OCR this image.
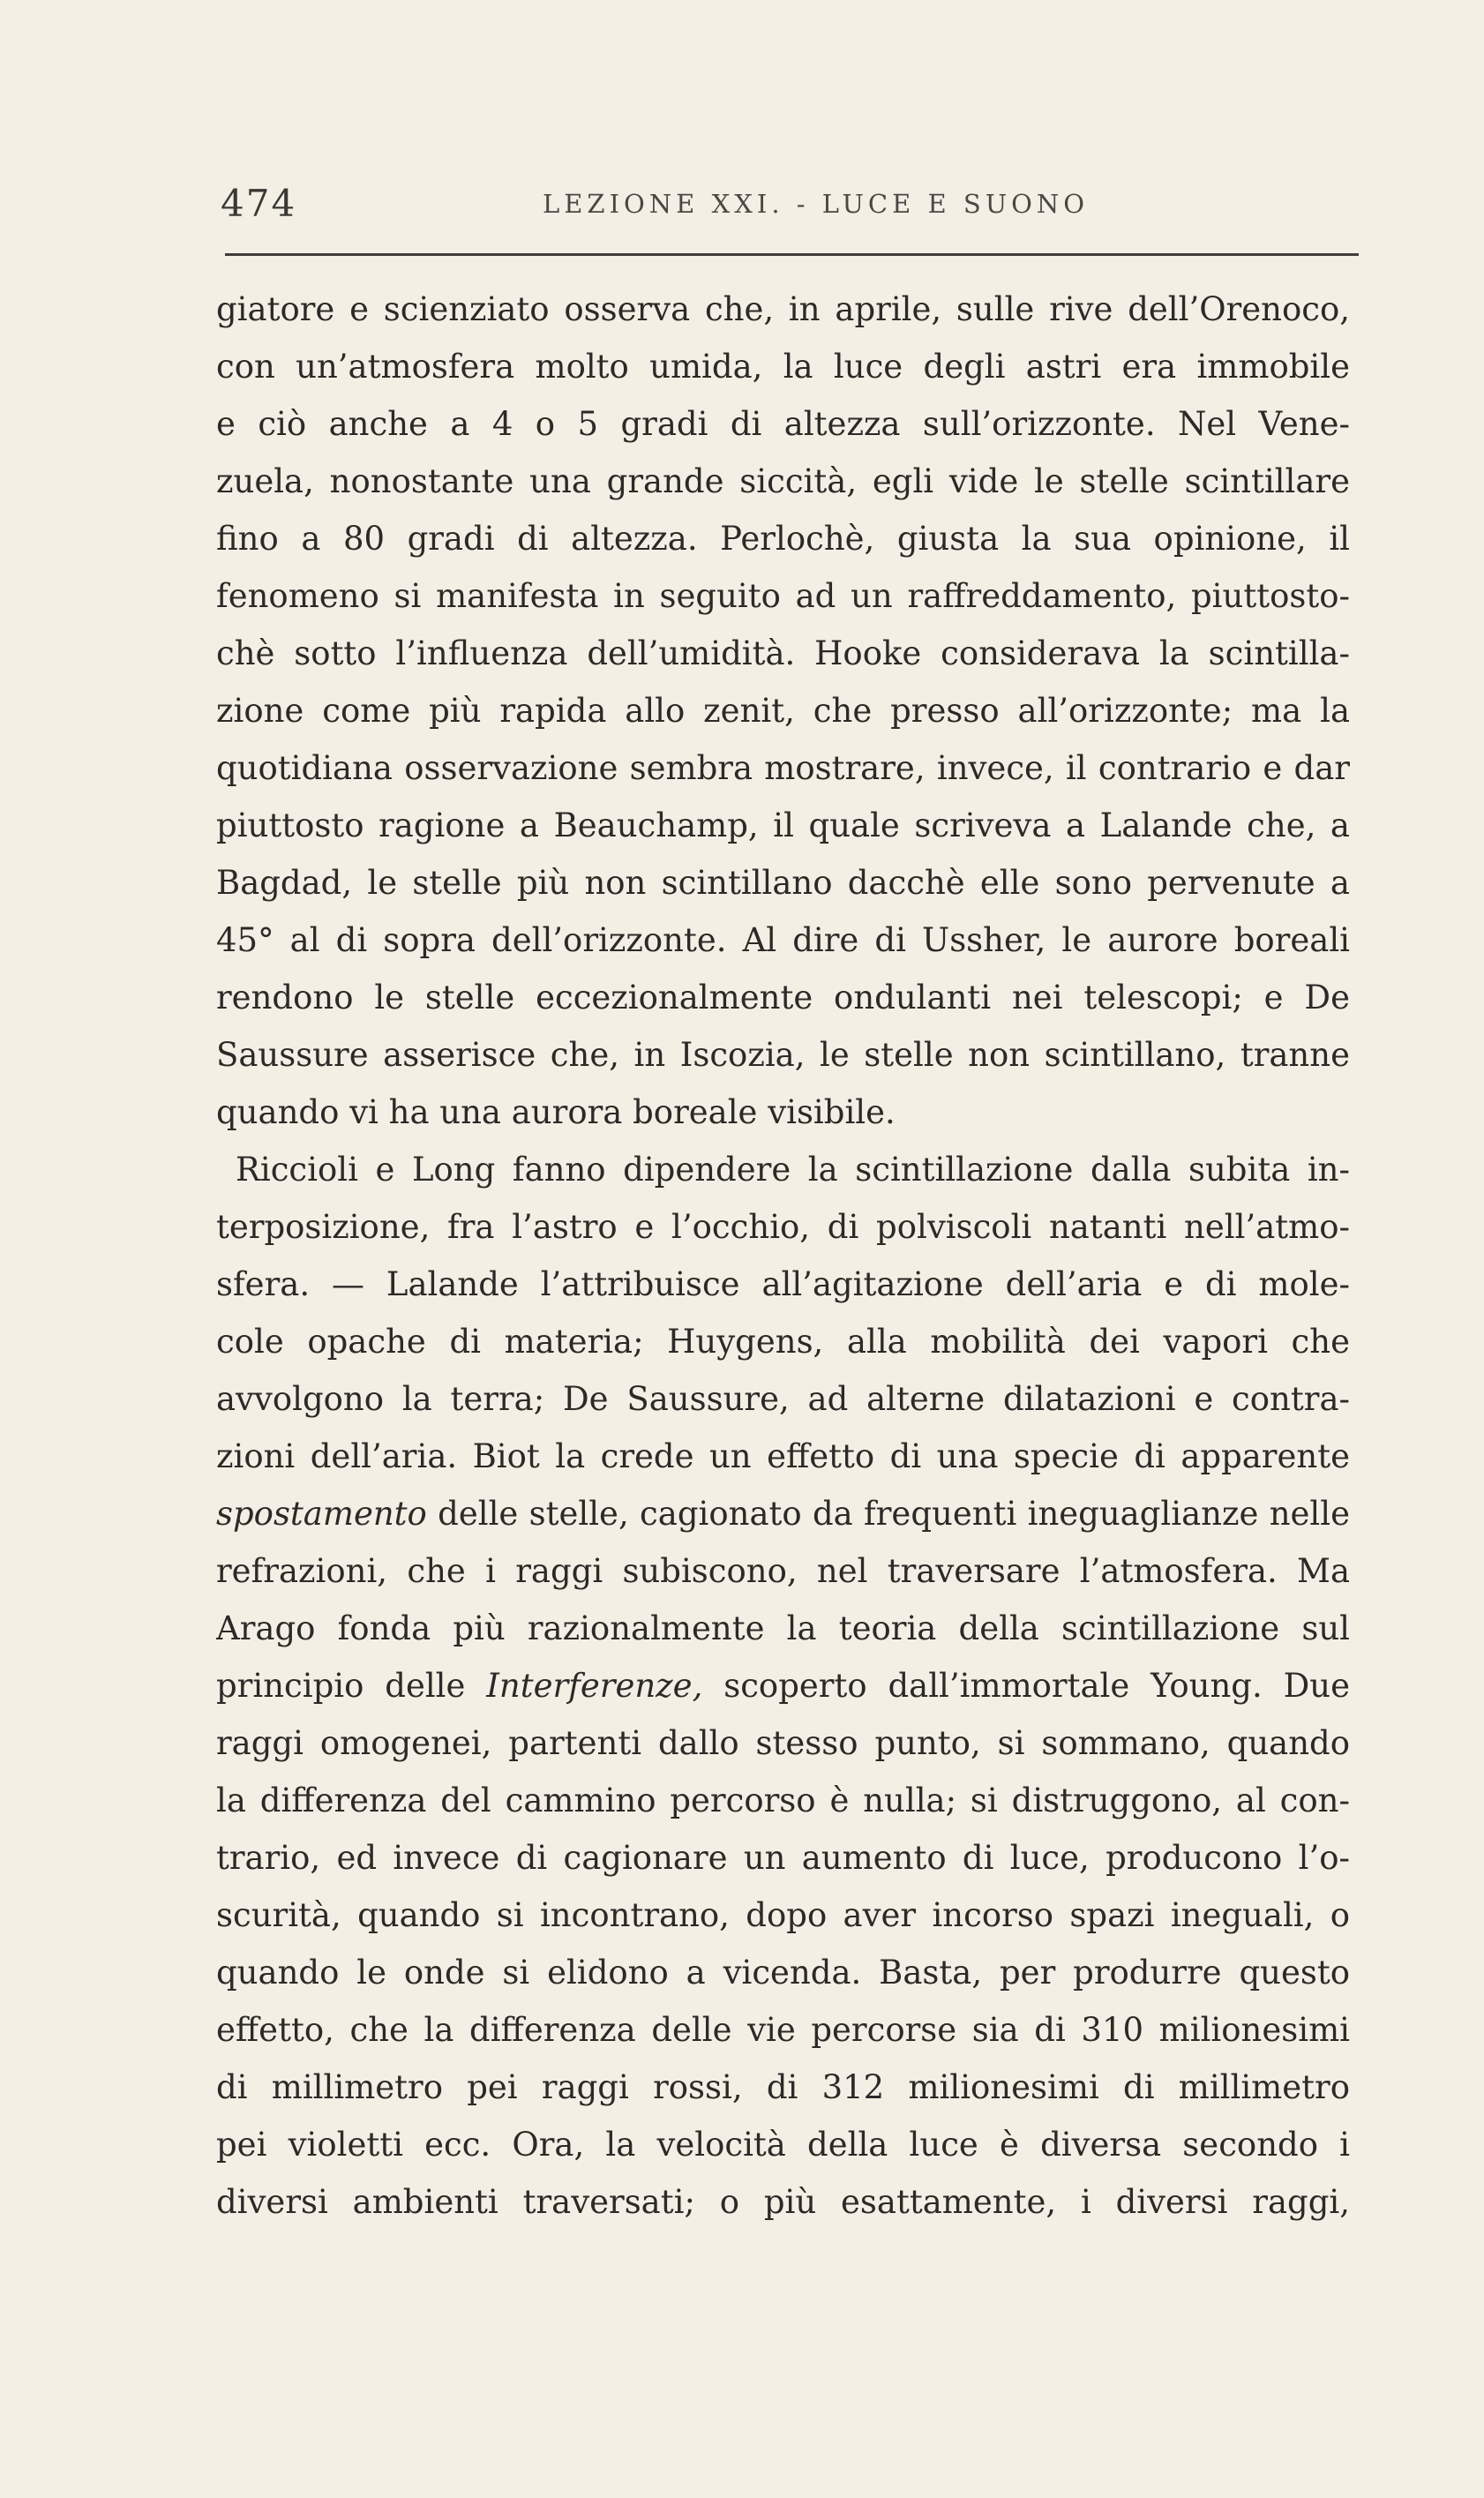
474	LEZIONE XXI. - LUCE E SUONO
giatore e scienziato osserva che, in aprile, sulle rive dell’Orenoco,
con un’atmosfera molto umida, la luce degli astri era immobile
e ciò anche a 4 o 5 gradi di altezza sull’orizzonte. Nel Vene-
zuela, nonostante una grande siccità, egli vide le stelle scintillare
fino a 80 gradi di altezza. Perlochè, giusta la sua opinione, il
fenomeno si manifesta in seguito ad un raffreddamento, piuttosto-
chè sotto l’influenza dell’umidità. Hooke considerava la scintilla-
zione come più rapida allo zenit, che presso all’orizzonte; ma la
quotidiana osservazione sembra mostrare, invece, il contrario e dar
piuttosto ragione a Beauchamp, il quale scriveva a Lalande che, a
Bagdad, le stelle più non scintillano dacchè elle sono pervenute a
45° al di sopra dell’orizzonte. Al dire di Ussher, le aurore boreali
rendono le stelle eccezionalmente ondulanti nei telescopi; e De
Saussure asserisce che, in Iscozia, le stelle non scintillano, tranne
quando vi ha una aurora boreale visibile.
Riccioli e Long fanno dipendere la scintillazione dalla subita in-
terposizione, fra l’astro e l’occhio, di polviscoli natanti nell’atmo-
sfera. — Lalande l’attribuisce all’agitazione dell’aria e di mole-
cole opache di materia; Huygens, alla mobilità dei vapori che
avvolgono la terra; De Saussure, ad alterne dilatazioni e contra-
zioni dell’aria. Biot la crede un effetto di una specie di apparente
spostamento delle stelle, cagionato da frequenti ineguaglianze nelle
refrazioni, che i raggi subiscono, nel traversare l’atmosfera. Ma
Arago fonda più razionalmente la teoria della scintillazione sul
principio delle Interferenze, scoperto dall’immortale Young. Due
raggi omogenei, partenti dallo stesso punto, si sommano, quando
la differenza del cammino percorso è nulla; si distruggono, al con-
trario, ed invece di cagionare un aumento di luce, producono l’o-
scurità, quando si incontrano, dopo aver incorso spazi ineguali, o
quando le onde si elidono a vicenda. Basta, per produrre questo
effetto, che la differenza delle vie percorse sia di 310 milionesimi
di millimetro pei raggi rossi, di 312 milionesimi di millimetro
pei violetti ecc. Ora, la velocità della luce è diversa secondo i
diversi ambienti traversati; o più esattamente, i diversi raggi,
